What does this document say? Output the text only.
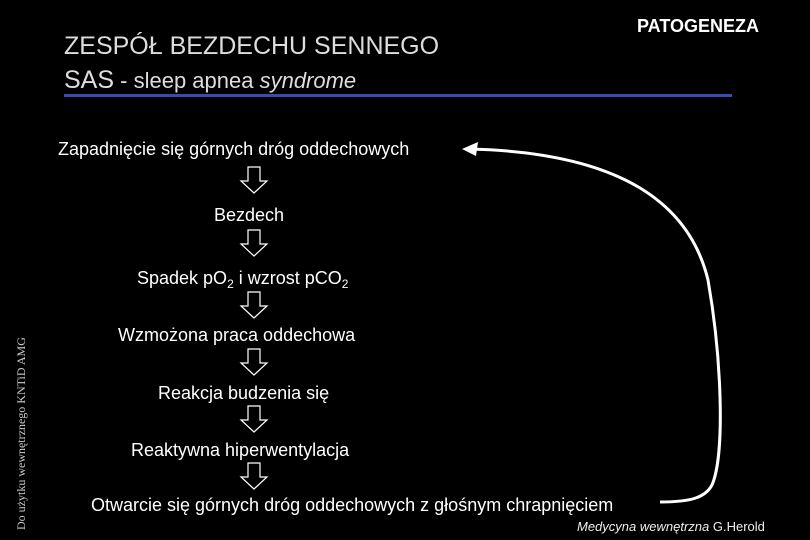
ZESPÓŁ BEZDECHU SENNEGO
SAS - sleep apnea syndrome
PATOGENEZA
Zapadnięcie się górnych dróg oddechowych
Bezdech
Spadek $pO_2$ i wzrost pCO$_2$
Wzmożona praca oddechowa
Reakcja budzenia się
Reaktywna hiperwentylacja
Otwarcie się górnych dróg oddechowych z głośnym chrapnięciem
Do użytku wewnętrznego KNTiD AMG	Medycyna wewnętrzna G.Herold
